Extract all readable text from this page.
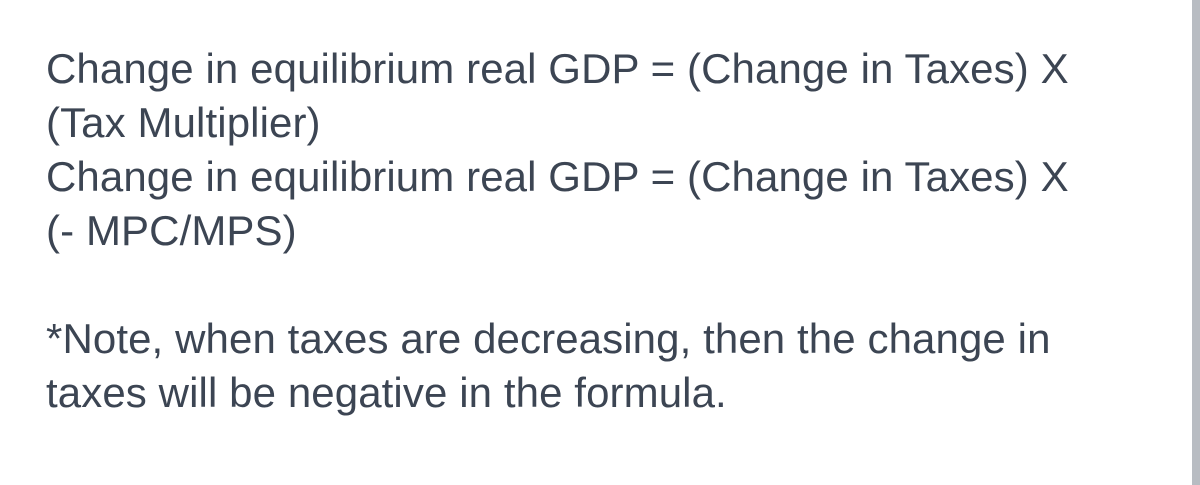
Change in equilibrium real GDP = (Change in Taxes) X
(Tax Multiplier)
Change in equilibrium real GDP = (Change in Taxes) X
(- MPC/MPS)
*Note, when taxes are decreasing, then the change in
taxes will be negative in the formula.
